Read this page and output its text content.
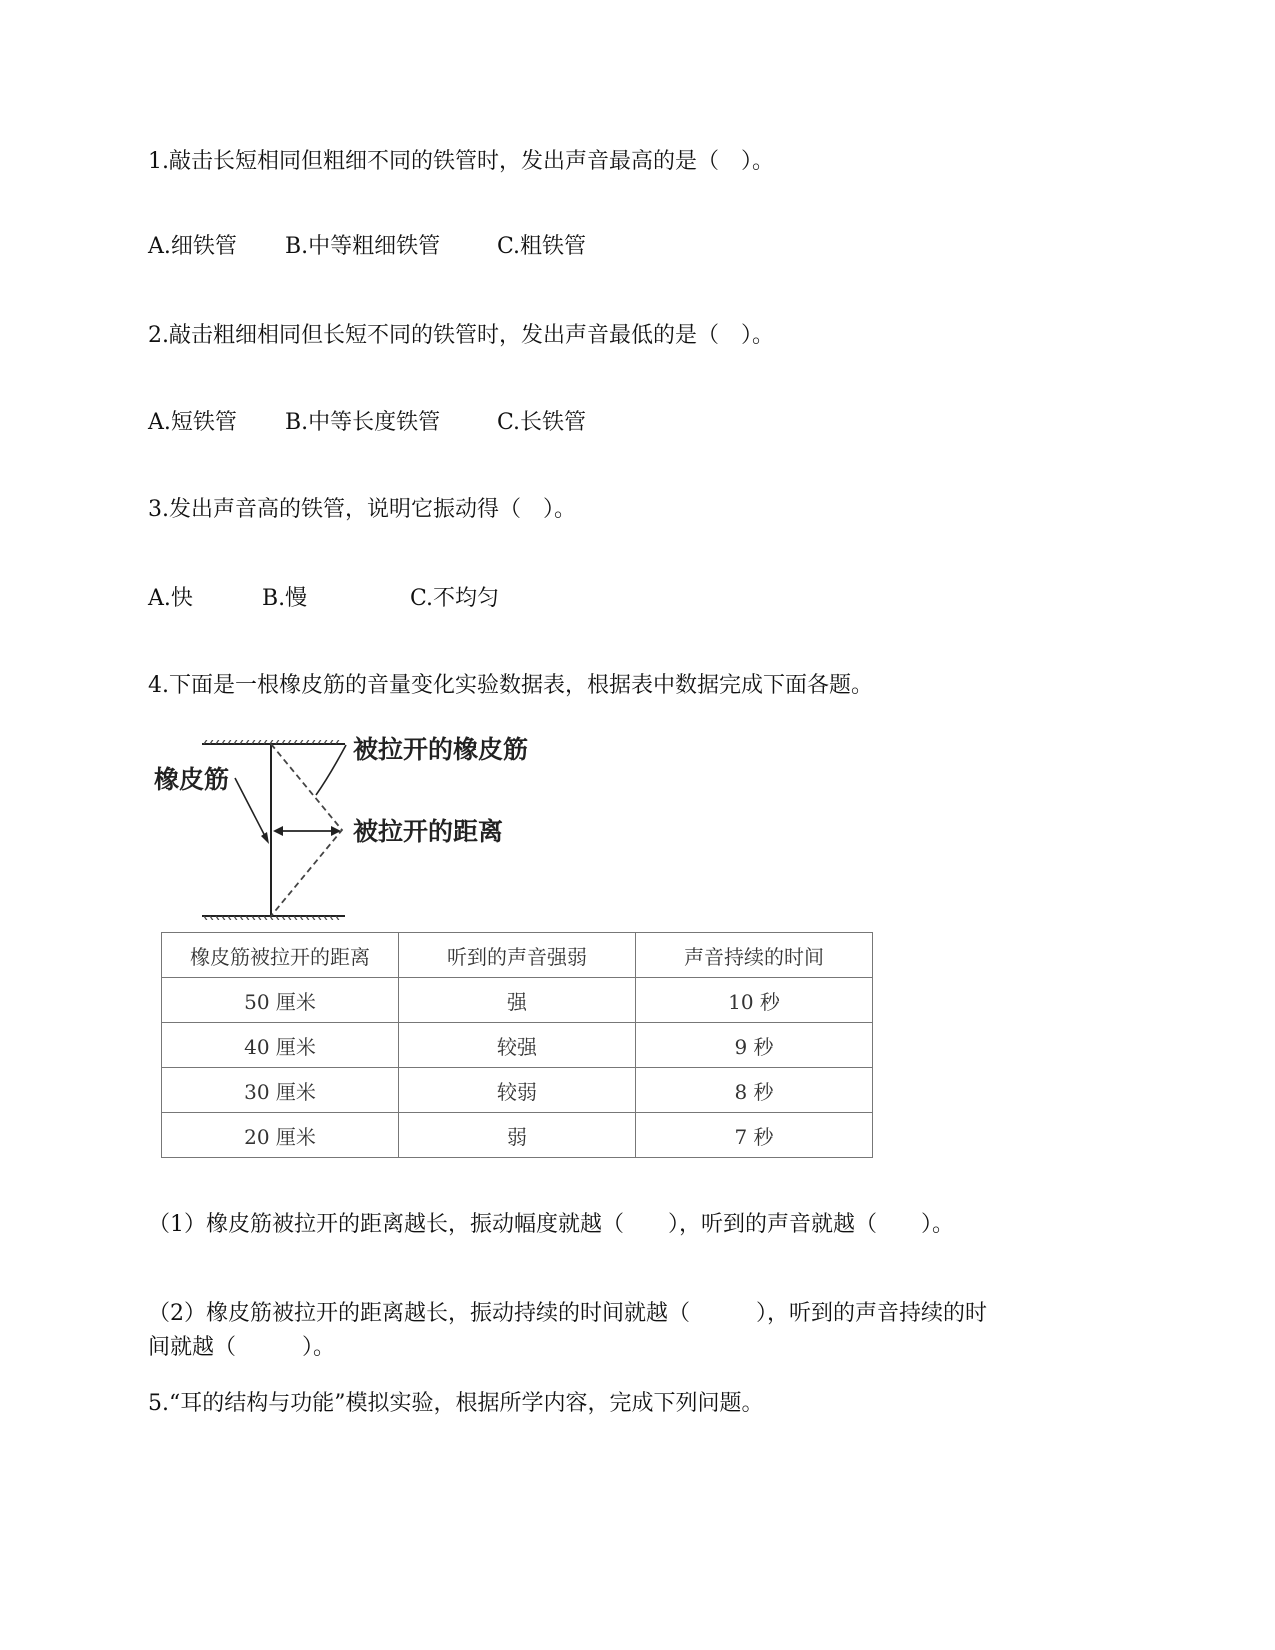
1.敲击长短相同但粗细不同的铁管时，发出声音最高的是（　）。
A.细铁管 B.中等粗细铁管	C.粗铁管
2.敲击粗细相同但长短不同的铁管时，发出声音最低的是（　）。
A.短铁管 B.中等长度铁管	C.长铁管
3.发出声音高的铁管，说明它振动得（　）。
A.快	B.慢	C.不均匀
4.下面是一根橡皮筋的音量变化实验数据表，根据表中数据完成下面各题。
橡皮筋
被拉开的橡皮筋
被拉开的距离
橡皮筋被拉开的距离	听到的声音强弱	声音持续的时间
50 厘米	强	10 秒
40 厘米	较强	9 秒
30 厘米	较弱	8 秒
20 厘米	弱	7 秒
（1）橡皮筋被拉开的距离越长，振动幅度就越（　　），听到的声音就越（　　）。
（2）橡皮筋被拉开的距离越长，振动持续的时间就越（　　　），听到的声音持续的时
间就越（　　　）。
5.“耳的结构与功能”模拟实验，根据所学内容，完成下列问题。
